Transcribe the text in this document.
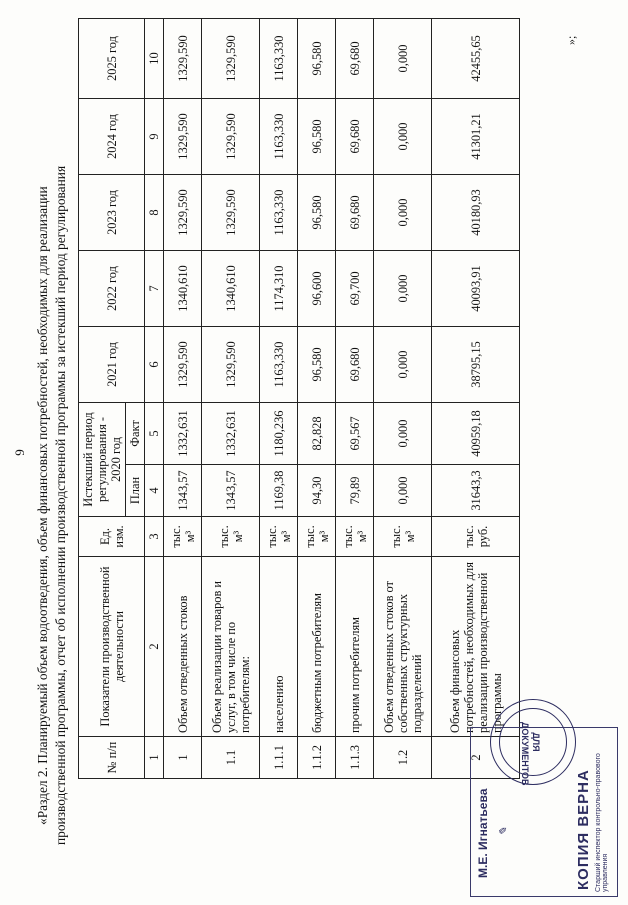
9 «Раздел 2. Планируемый объем водоотведения, объем финансовых потребностей, необходимых для реализации производственной программы, отчет об исполнении производственной программы за истекший период регулирования	№ п/п	Показатели производственной деятельности	Ед. изм.	Истекший период регулирования - 2020 год		2021 год	2022 год	2023 год	2024 год	2025 год
			План	Факт					
1	2	3	4	5	6	7	8	9	10
1	Объем отведенных стоков	тыс. м³	1343,57	1332,631	1329,590	1340,610	1329,590	1329,590	1329,590
1.1	Объем реализации товаров и услуг, в том числе по потребителям:	тыс. м³	1343,57	1332,631	1329,590	1340,610	1329,590	1329,590	1329,590
1.1.1	населению	тыс. м³	1169,38	1180,236	1163,330	1174,310	1163,330	1163,330	1163,330
1.1.2	бюджетным потребителям	тыс. м³	94,30	82,828	96,580	96,600	96,580	96,580	96,580
1.1.3	прочим потребителям	тыс. м³	79,89	69,567	69,680	69,700	69,680	69,680	69,680
1.2	Объем отведенных стоков от собственных структурных подразделений	тыс. м³	0,000	0,000	0,000	0,000	0,000	0,000	0,000
2	Объем финансовых потребностей, необходимых для реализации производственной программы	тыс. руб.	31643,3	40959,18	38795,15	40093,91	40180,93	41301,21	42455,65	»;
М.Е. Игнатьева ✎	КОПИЯ ВЕРНА Старший инспектор контрольно-правового управления
ДЛЯ ДОКУМЕНТОВ
